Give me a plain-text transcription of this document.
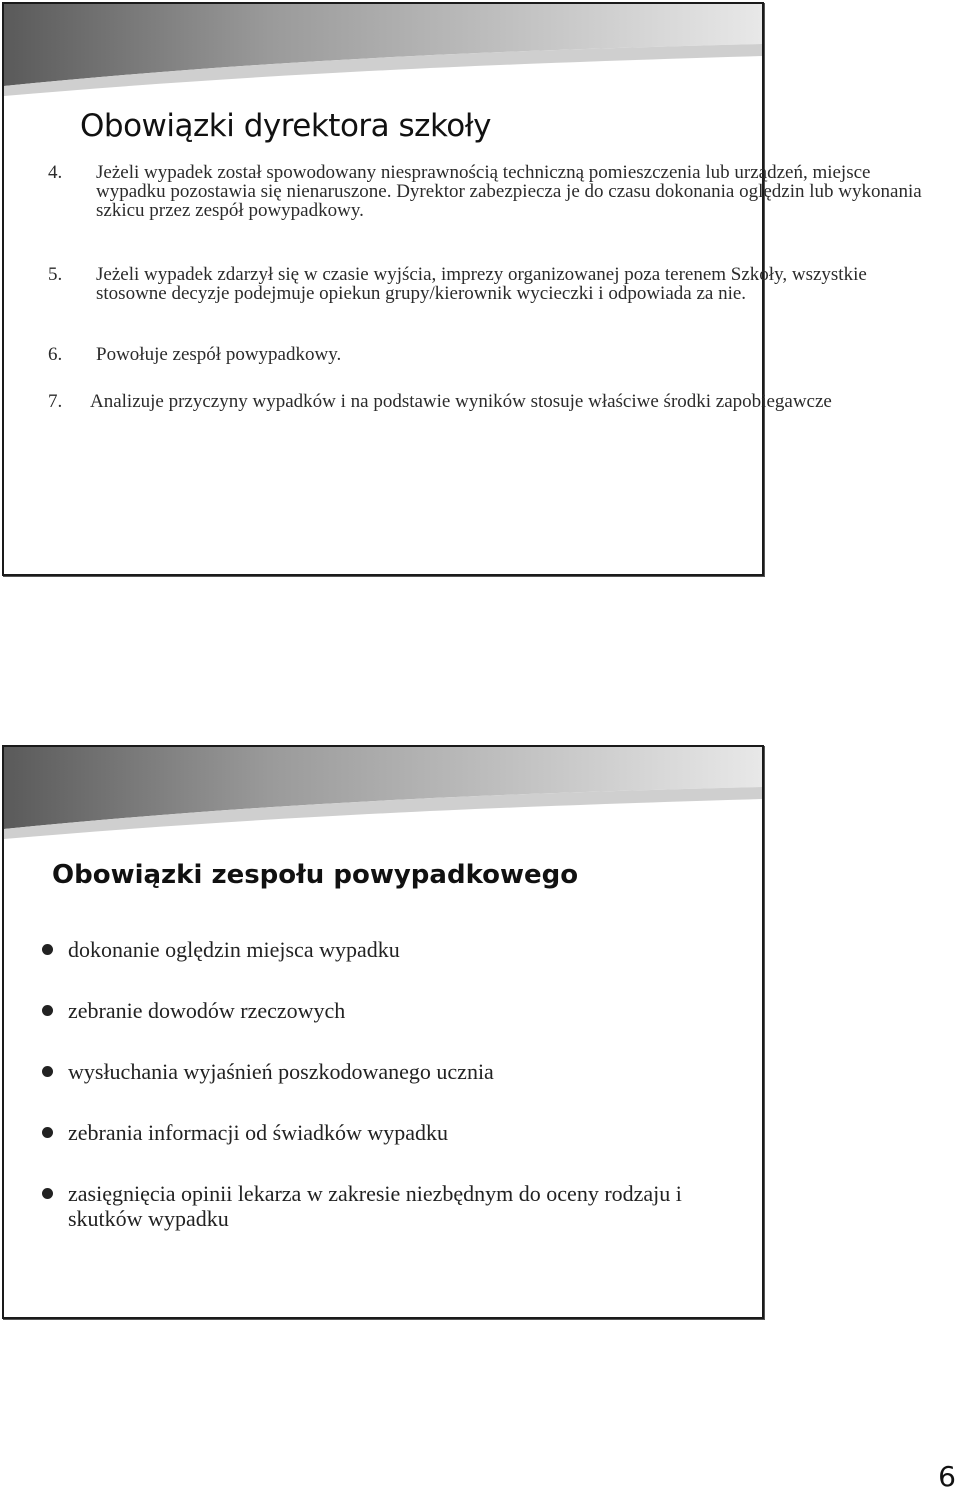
Obowiązki dyrektora szkoły
4. Jeżeli wypadek został spowodowany niesprawnością techniczną pomieszczenia lub urządzeń, miejsce wypadku pozostawia się nienaruszone. Dyrektor zabezpiecza je do czasu dokonania oględzin lub wykonania szkicu przez zespół powypadkowy.
5. Jeżeli wypadek zdarzył się w czasie wyjścia, imprezy organizowanej poza terenem Szkoły, wszystkie stosowne decyzje podejmuje opiekun grupy/kierownik wycieczki i odpowiada za nie.
6. Powołuje zespół powypadkowy.
7. Analizuje przyczyny wypadków i na podstawie wyników stosuje właściwe środki zapobiegawcze
Obowiązki zespołu powypadkowego
dokonanie oględzin miejsca wypadku
zebranie dowodów rzeczowych
wysłuchania wyjaśnień poszkodowanego ucznia
zebrania informacji od świadków wypadku
zasięgnięcia opinii lekarza w zakresie niezbędnym do oceny rodzaju i skutków wypadku
6
